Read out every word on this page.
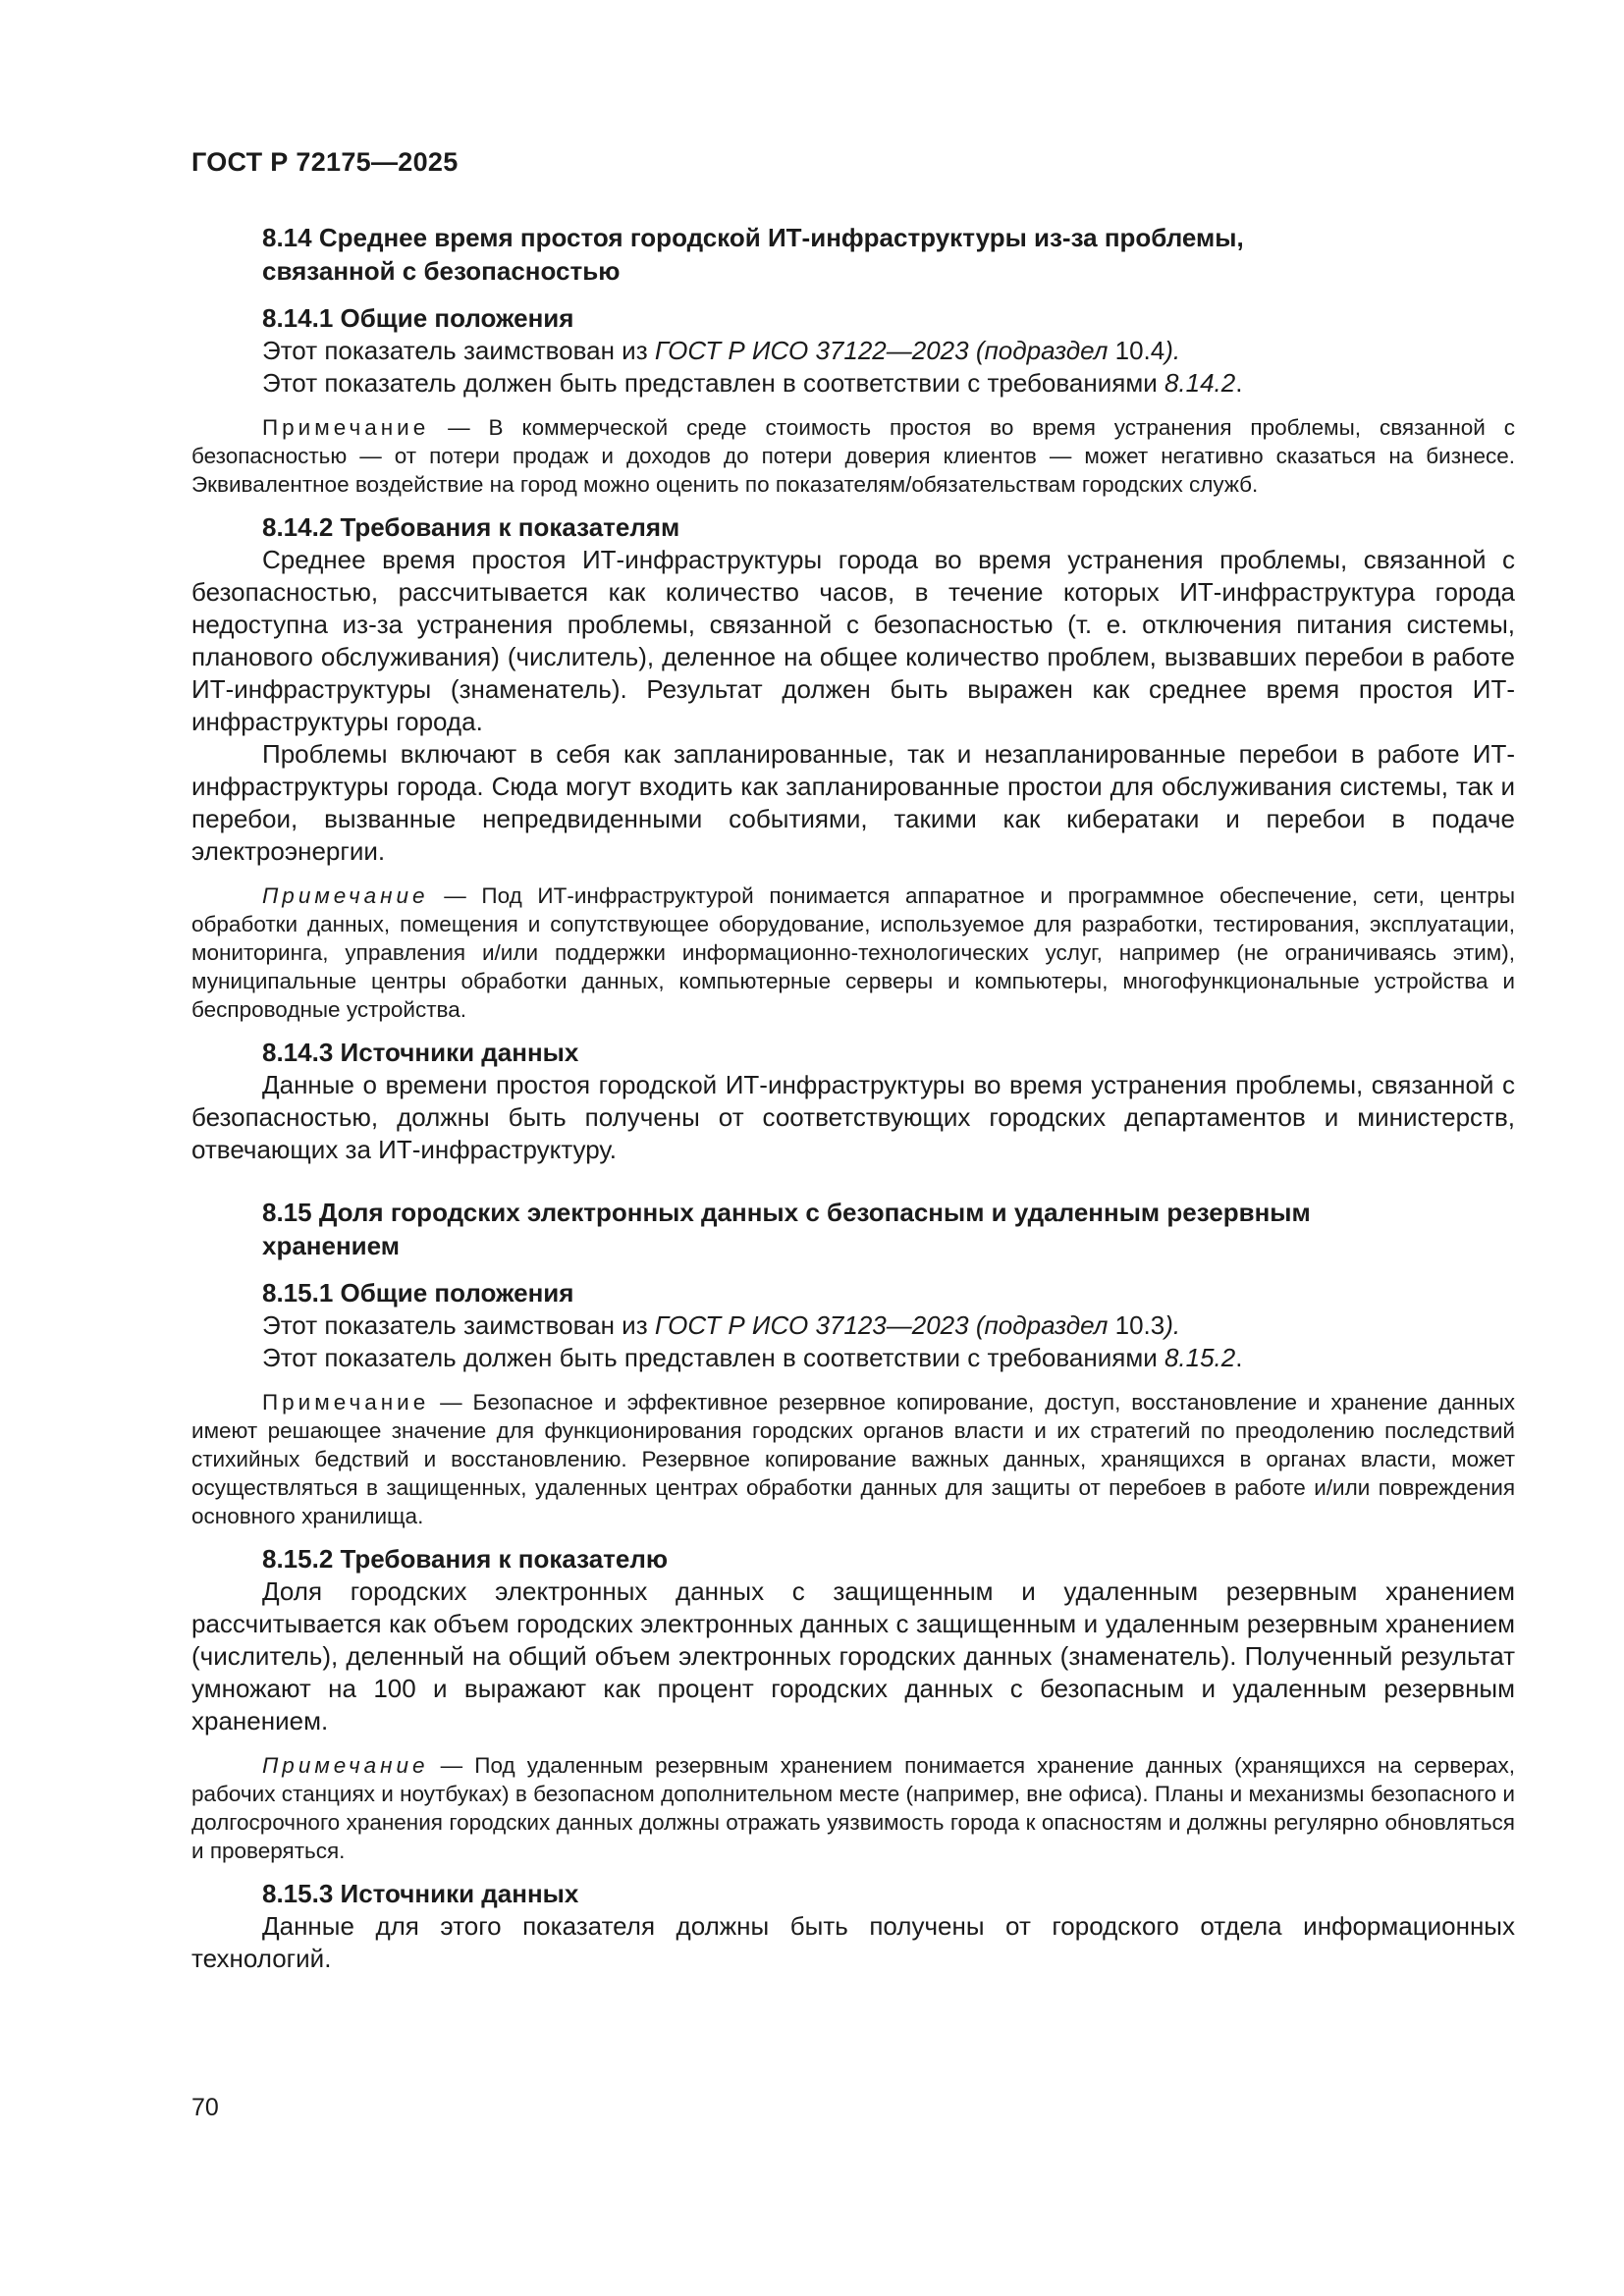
ГОСТ Р 72175—2025
8.14 Среднее время простоя городской ИТ-инфраструктуры из-за проблемы,
связанной с безопасностью
8.14.1 Общие положения

Этот показатель заимствован из ГОСТ Р ИСО 37122—2023 (подраздел 10.4).

Этот показатель должен быть представлен в соответствии с требованиями 8.14.2.

Примечание — В коммерческой среде стоимость простоя во время устранения проблемы, связанной с безопасностью — от потери продаж и доходов до потери доверия клиентов — может негативно сказаться на бизнесе. Эквивалентное воздействие на город можно оценить по показателям/обязательствам городских служб.

8.14.2 Требования к показателям

Среднее время простоя ИТ-инфраструктуры города во время устранения проблемы, связанной с безопасностью, рассчитывается как количество часов, в течение которых ИТ-инфраструктура города недоступна из-за устранения проблемы, связанной с безопасностью (т. е. отключения питания системы, планового обслуживания) (числитель), деленное на общее количество проблем, вызвавших перебои в работе ИТ-инфраструктуры (знаменатель). Результат должен быть выражен как среднее время простоя ИТ-инфраструктуры города.

Проблемы включают в себя как запланированные, так и незапланированные перебои в работе ИТ-инфраструктуры города. Сюда могут входить как запланированные простои для обслуживания системы, так и перебои, вызванные непредвиденными событиями, такими как кибератаки и перебои в подаче электроэнергии.

Примечание — Под ИТ-инфраструктурой понимается аппаратное и программное обеспечение, сети, центры обработки данных, помещения и сопутствующее оборудование, используемое для разработки, тестирования, эксплуатации, мониторинга, управления и/или поддержки информационно-технологических услуг, например (не ограничиваясь этим), муниципальные центры обработки данных, компьютерные серверы и компьютеры, многофункциональные устройства и беспроводные устройства.

8.14.3 Источники данных

Данные о времени простоя городской ИТ-инфраструктуры во время устранения проблемы, связанной с безопасностью, должны быть получены от соответствующих городских департаментов и министерств, отвечающих за ИТ-инфраструктуру.

8.15 Доля городских электронных данных с безопасным и удаленным резервным
хранением
8.15.1 Общие положения

Этот показатель заимствован из ГОСТ Р ИСО 37123—2023 (подраздел 10.3).

Этот показатель должен быть представлен в соответствии с требованиями 8.15.2.

Примечание — Безопасное и эффективное резервное копирование, доступ, восстановление и хранение данных имеют решающее значение для функционирования городских органов власти и их стратегий по преодолению последствий стихийных бедствий и восстановлению. Резервное копирование важных данных, хранящихся в органах власти, может осуществляться в защищенных, удаленных центрах обработки данных для защиты от перебоев в работе и/или повреждения основного хранилища.

8.15.2 Требования к показателю

Доля городских электронных данных с защищенным и удаленным резервным хранением рассчитывается как объем городских электронных данных с защищенным и удаленным резервным хранением (числитель), деленный на общий объем электронных городских данных (знаменатель). Полученный результат умножают на 100 и выражают как процент городских данных с безопасным и удаленным резервным хранением.

Примечание — Под удаленным резервным хранением понимается хранение данных (хранящихся на серверах, рабочих станциях и ноутбуках) в безопасном дополнительном месте (например, вне офиса). Планы и механизмы безопасного и долгосрочного хранения городских данных должны отражать уязвимость города к опасностям и должны регулярно обновляться и проверяться.

8.15.3 Источники данных

Данные для этого показателя должны быть получены от городского отдела информационных технологий.

70
